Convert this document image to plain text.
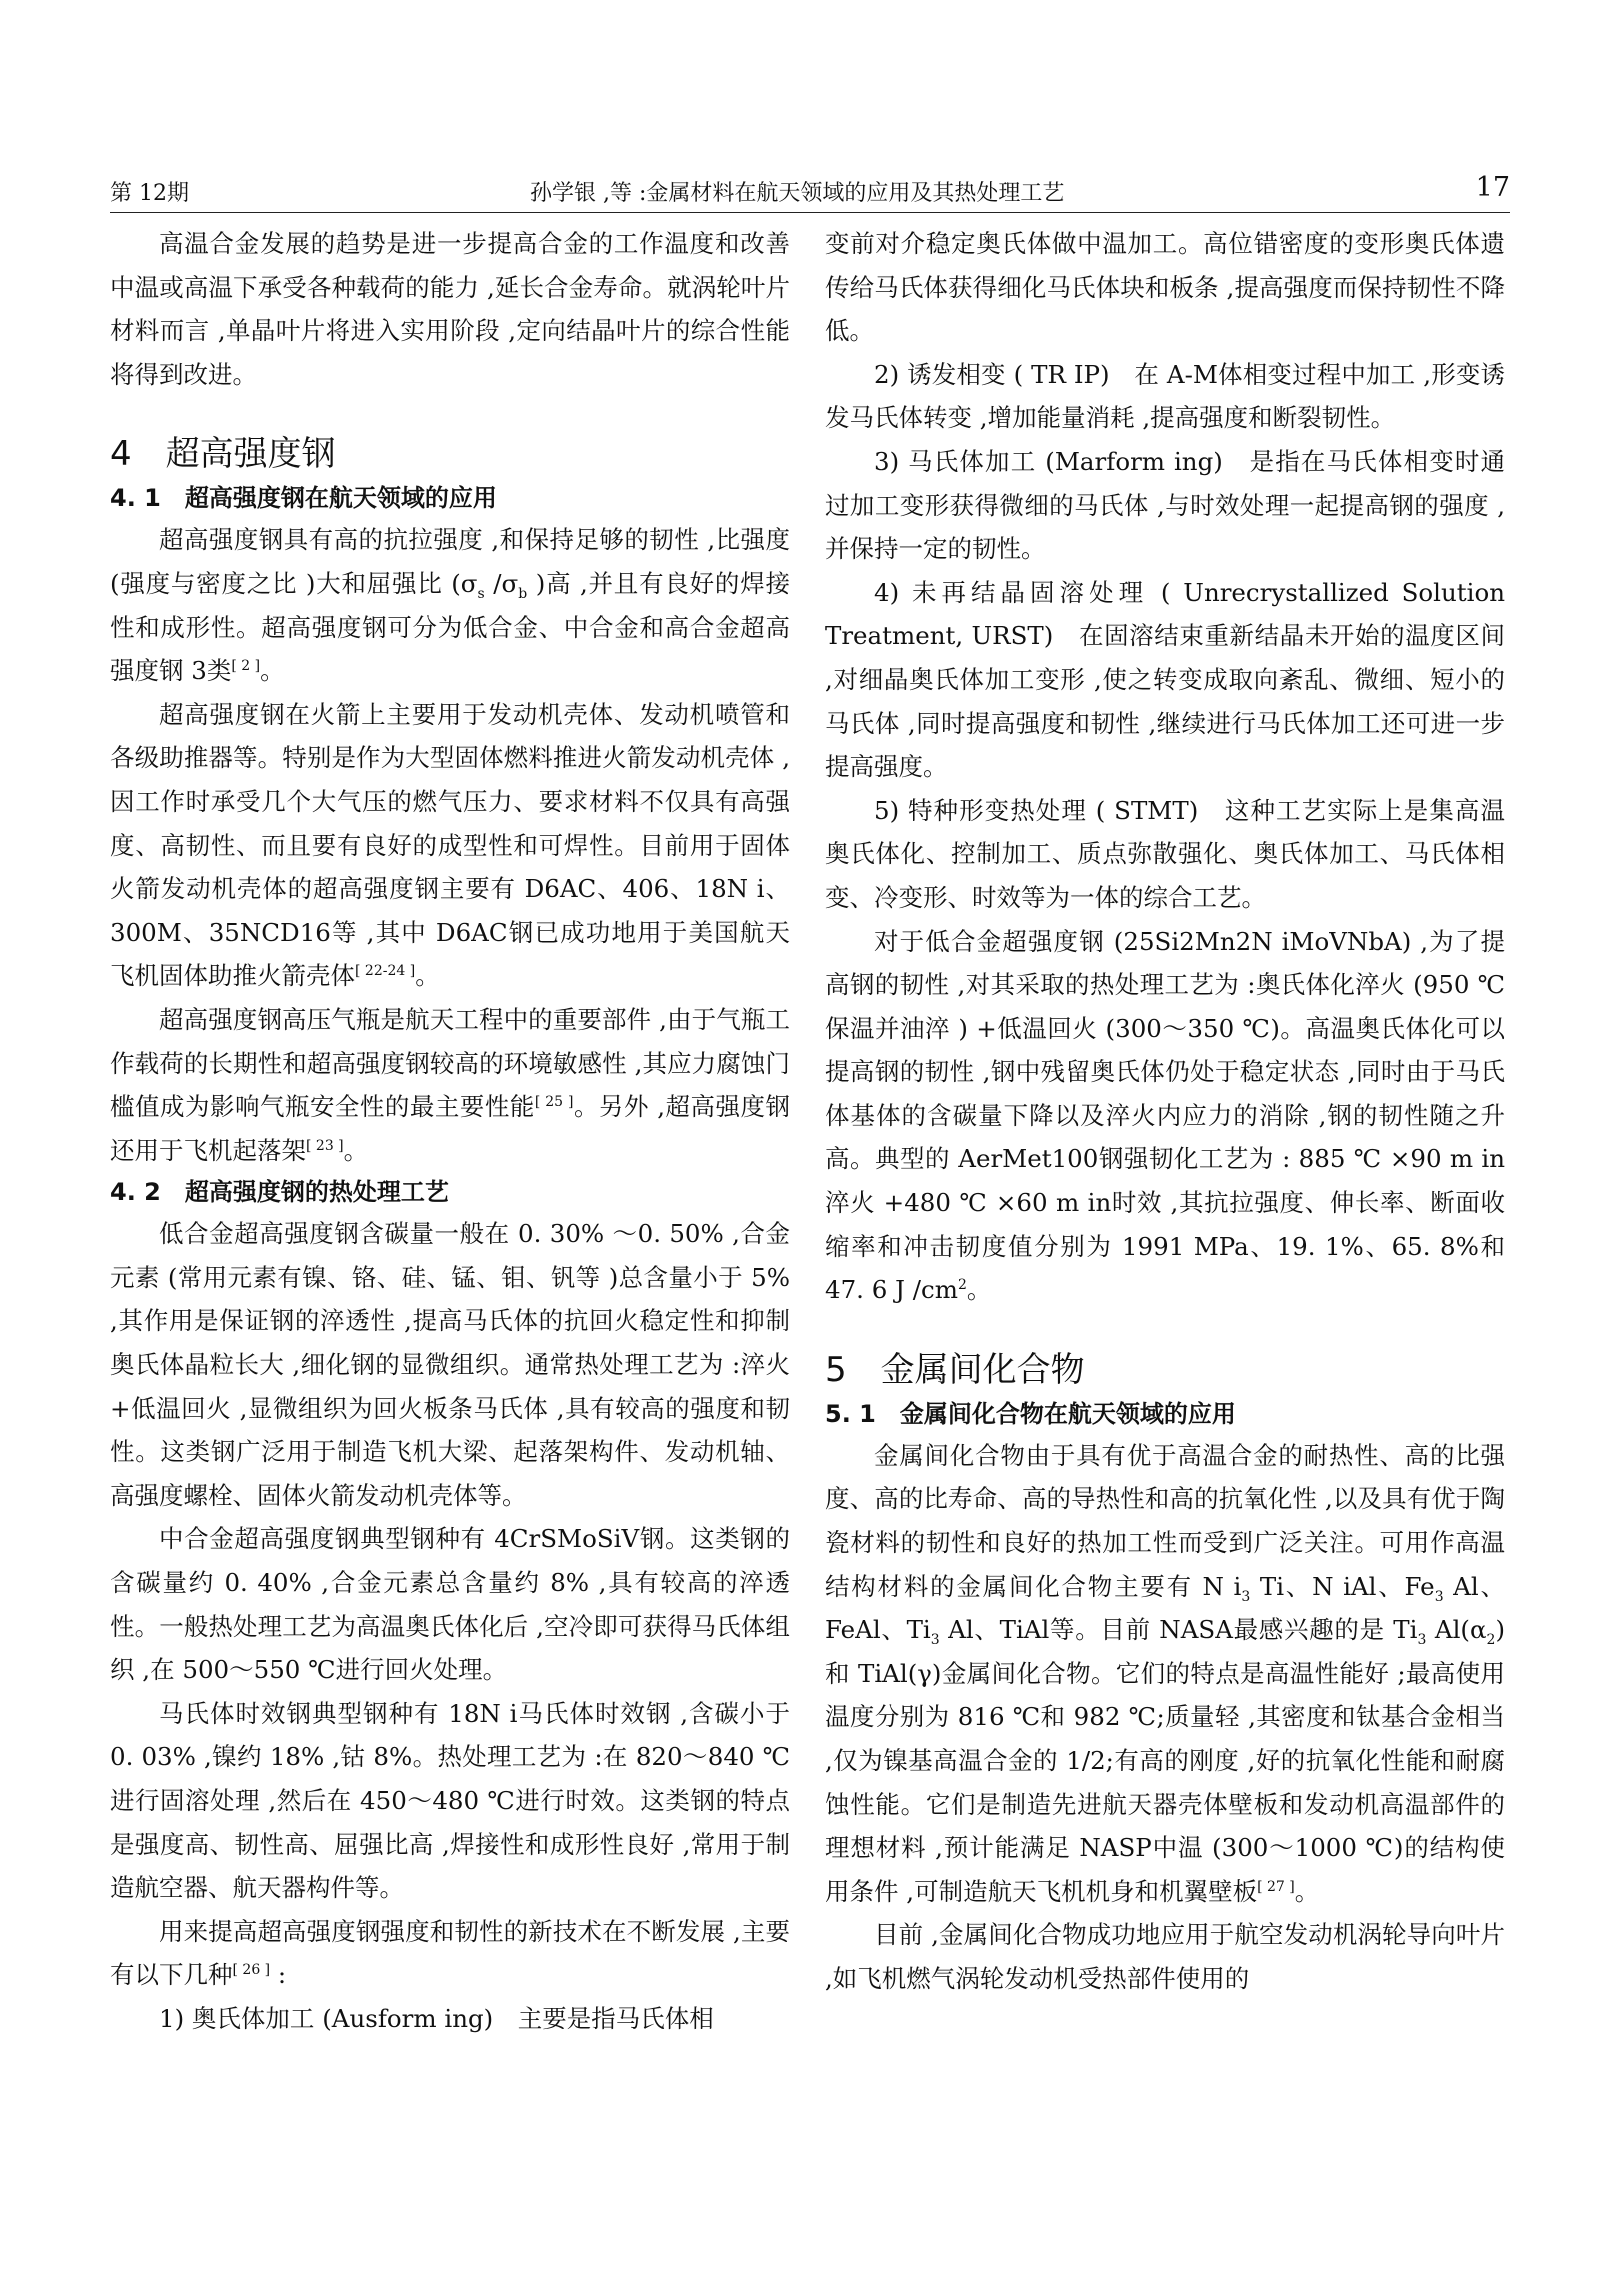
第 12期	孙学银 ,等 :金属材料在航天领域的应用及其热处理工艺	17

高温合金发展的趋势是进一步提高合金的工作温度和改善中温或高温下承受各种载荷的能力 ,延长合金寿命。就涡轮叶片材料而言 ,单晶叶片将进入实用阶段 ,定向结晶叶片的综合性能将得到改进。

4　超高强度钢
4. 1　超高强度钢在航天领域的应用

超高强度钢具有高的抗拉强度 ,和保持足够的韧性 ,比强度 (强度与密度之比 )大和屈强比 ($\sigma_s$ $/\sigma_b$ )高 ,并且有良好的焊接性和成形性。超高强度钢可分为低合金、中合金和高合金超高强度钢 3类[ 2 ]。

超高强度钢在火箭上主要用于发动机壳体、发动机喷管和各级助推器等。特别是作为大型固体燃料推进火箭发动机壳体 ,因工作时承受几个大气压的燃气压力、要求材料不仅具有高强度、高韧性、而且要有良好的成型性和可焊性。目前用于固体火箭发动机壳体的超高强度钢主要有 D6AC、406、18N i、300M、35NCD16等 ,其中 D6AC钢已成功地用于美国航天飞机固体助推火箭壳体[ 22-24 ]。

超高强度钢高压气瓶是航天工程中的重要部件 ,由于气瓶工作载荷的长期性和超高强度钢较高的环境敏感性 ,其应力腐蚀门槛值成为影响气瓶安全性的最主要性能[ 25 ]。另外 ,超高强度钢还用于飞机起落架[ 23 ]。

4. 2　超高强度钢的热处理工艺

低合金超高强度钢含碳量一般在 0. 30% ～0. 50% ,合金元素 (常用元素有镍、铬、硅、锰、钼、钒等 )总含量小于 5% ,其作用是保证钢的淬透性 ,提高马氏体的抗回火稳定性和抑制奥氏体晶粒长大 ,细化钢的显微组织。通常热处理工艺为 :淬火 +低温回火 ,显微组织为回火板条马氏体 ,具有较高的强度和韧性。这类钢广泛用于制造飞机大梁、起落架构件、发动机轴、高强度螺栓、固体火箭发动机壳体等。

中合金超高强度钢典型钢种有 4CrSMoSiV钢。这类钢的含碳量约 0. 40% ,合金元素总含量约 8% ,具有较高的淬透性。一般热处理工艺为高温奥氏体化后 ,空冷即可获得马氏体组织 ,在 500～550 ℃进行回火处理。

马氏体时效钢典型钢种有 18N i马氏体时效钢 ,含碳小于 0. 03% ,镍约 18% ,钴 8%。热处理工艺为 :在 820～840 ℃进行固溶处理 ,然后在 450～480 ℃进行时效。这类钢的特点是强度高、韧性高、屈强比高 ,焊接性和成形性良好 ,常用于制造航空器、航天器构件等。

用来提高超高强度钢强度和韧性的新技术在不断发展 ,主要有以下几种[ 26 ] :

1) 奥氏体加工 (Ausform ing)　主要是指马氏体相

变前对介稳定奥氏体做中温加工。高位错密度的变形奥氏体遗传给马氏体获得细化马氏体块和板条 ,提高强度而保持韧性不降低。

2) 诱发相变 ( TR IP)　在 A-M体相变过程中加工 ,形变诱发马氏体转变 ,增加能量消耗 ,提高强度和断裂韧性。

3) 马氏体加工 (Marform ing)　是指在马氏体相变时通过加工变形获得微细的马氏体 ,与时效处理一起提高钢的强度 ,并保持一定的韧性。

4) 未再结晶固溶处理 ( Unrecrystallized Solution Treatment, URST)　在固溶结束重新结晶未开始的温度区间 ,对细晶奥氏体加工变形 ,使之转变成取向紊乱、微细、短小的马氏体 ,同时提高强度和韧性 ,继续进行马氏体加工还可进一步提高强度。

5) 特种形变热处理 ( STMT)　这种工艺实际上是集高温奥氏体化、控制加工、质点弥散强化、奥氏体加工、马氏体相变、冷变形、时效等为一体的综合工艺。

对于低合金超强度钢 (25Si2Mn2N iMoVNbA) ,为了提高钢的韧性 ,对其采取的热处理工艺为 :奥氏体化淬火 (950 ℃保温并油淬 ) +低温回火 (300～350 ℃)。高温奥氏体化可以提高钢的韧性 ,钢中残留奥氏体仍处于稳定状态 ,同时由于马氏体基体的含碳量下降以及淬火内应力的消除 ,钢的韧性随之升高。典型的 AerMet100钢强韧化工艺为 : 885 ℃ ×90 m in淬火 +480 ℃ ×60 m in时效 ,其抗拉强度、伸长率、断面收缩率和冲击韧度值分别为 1991 MPa、19. 1%、65. 8%和 47. 6 J $/cm^2$。

5　金属间化合物
5. 1　金属间化合物在航天领域的应用

金属间化合物由于具有优于高温合金的耐热性、高的比强度、高的比寿命、高的导热性和高的抗氧化性 ,以及具有优于陶瓷材料的韧性和良好的热加工性而受到广泛关注。可用作高温结构材料的金属间化合物主要有 N $i_3$ Ti、N iAl、$Fe_3$ Al、FeAl、$Ti_3$ Al、TiAl等。目前 NASA最感兴趣的是 $Ti_3$ $Al(\alpha_2)$和 TiAl(γ)金属间化合物。它们的特点是高温性能好 ;最高使用温度分别为 816 ℃和 982 ℃;质量轻 ,其密度和钛基合金相当 ,仅为镍基高温合金的 1/2;有高的刚度 ,好的抗氧化性能和耐腐蚀性能。它们是制造先进航天器壳体壁板和发动机高温部件的理想材料 ,预计能满足 NASP中温 (300～1000 ℃)的结构使用条件 ,可制造航天飞机机身和机翼壁板[ 27 ]。

目前 ,金属间化合物成功地应用于航空发动机涡轮导向叶片 ,如飞机燃气涡轮发动机受热部件使用的
